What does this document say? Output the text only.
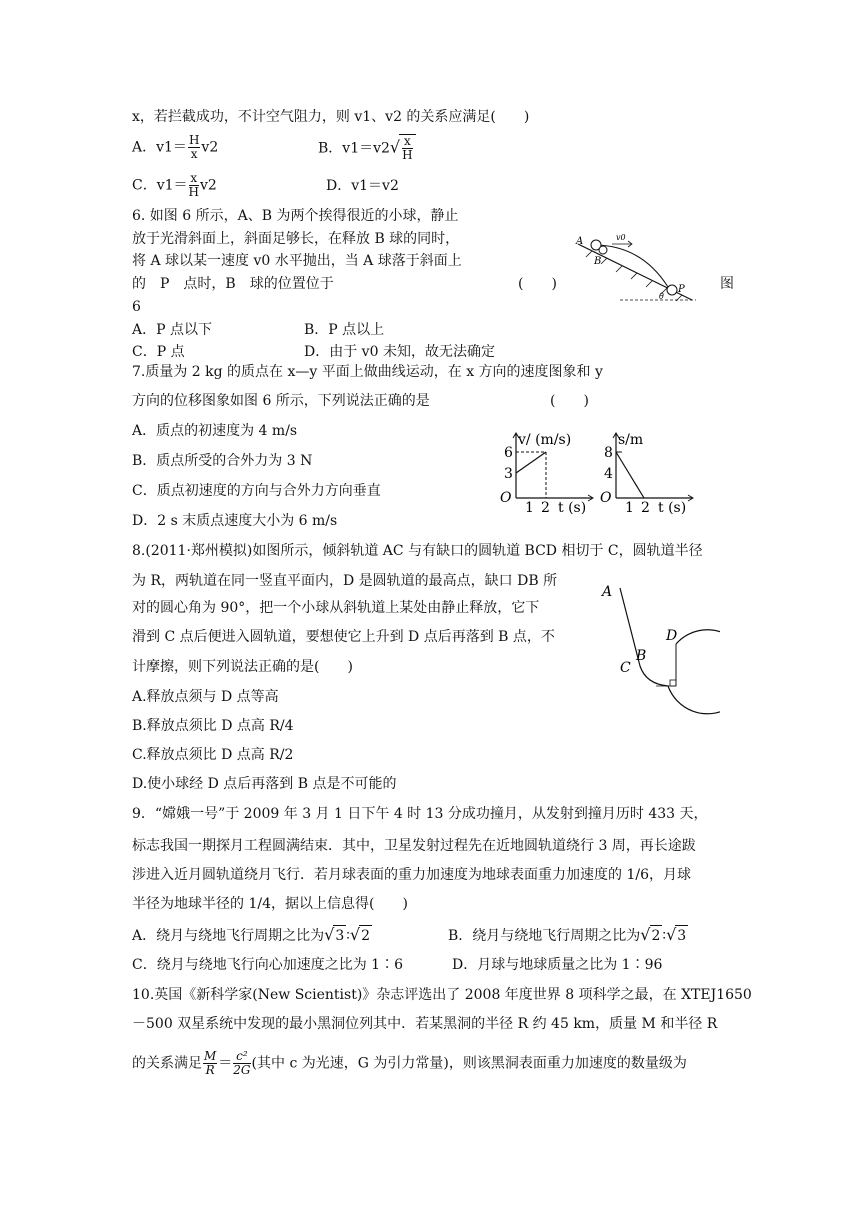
x，若拦截成功，不计空气阻力，则 v1、v2 的关系应满足(　　)
A．$v1= \frac{H}{x} v2$	B．$v1=v2√ \frac{x}{H}$
C．$v1= \frac{x}{H} v2$	D．v1＝v2
6. 如图 6 所示，A、B 为两个挨得很近的小球，静止
放于光滑斜面上，斜面足够长，在释放 B 球的同时，
将 A 球以某一速度 v0 水平抛出，当 A 球落于斜面上
的　P　点时，B　球的位置位于	(　　)	图
6
A．P 点以下	B．P 点以上
C．P 点	D．由于 v0 未知，故无法确定
A
B
v0
P
θ
7.质量为 2 kg 的质点在 x—y 平面上做曲线运动，在 x 方向的速度图象和 y
方向的位移图象如图 6 所示，下列说法正确的是	(　　)
A．质点的初速度为 4 m/s
B．质点所受的合外力为 3 N
C．质点初速度的方向与合外力方向垂直
D．2 s 末质点速度大小为 6 m/s
v/ (m/s)
6
3
O
1 2 t (s)
s/m
8
4
O
1 2 t (s)
8.(2011·郑州模拟)如图所示，倾斜轨道 AC 与有缺口的圆轨道 BCD 相切于 C，圆轨道半径
为 R，两轨道在同一竖直平面内，D 是圆轨道的最高点，缺口 DB 所
对的圆心角为 90°，把一个小球从斜轨道上某处由静止释放，它下
滑到 C 点后便进入圆轨道，要想使它上升到 D 点后再落到 B 点，不
计摩擦，则下列说法正确的是(　　)
A.释放点须与 D 点等高
B.释放点须比 D 点高 R/4
C.释放点须比 D 点高 R/2
D.使小球经 D 点后再落到 B 点是不可能的
A
D
C
B
9．“嫦娥一号”于 2009 年 3 月 1 日下午 4 时 13 分成功撞月，从发射到撞月历时 433 天，
标志我国一期探月工程圆满结束．其中，卫星发射过程先在近地圆轨道绕行 3 周，再长途跋
涉进入近月圆轨道绕月飞行．若月球表面的重力加速度为地球表面重力加速度的 1/6，月球
半径为地球半径的 1/4，据以上信息得(　　)
A．绕月与绕地飞行周期之比为√3 ∶√2	B．绕月与绕地飞行周期之比为√2 ∶√3
C．绕月与绕地飞行向心加速度之比为 1∶6	D．月球与地球质量之比为 1∶96
10.英国《新科学家(New Scientist)》杂志评选出了 2008 年度世界 8 项科学之最，在 XTEJ1650
－500 双星系统中发现的最小黑洞位列其中．若某黑洞的半径 R 约 45 km，质量 M 和半径 R
的关系满足 $\frac{M}{R} = \frac{\text{c²}}{2G}$ (其中 c 为光速，G 为引力常量)，则该黑洞表面重力加速度的数量级为
